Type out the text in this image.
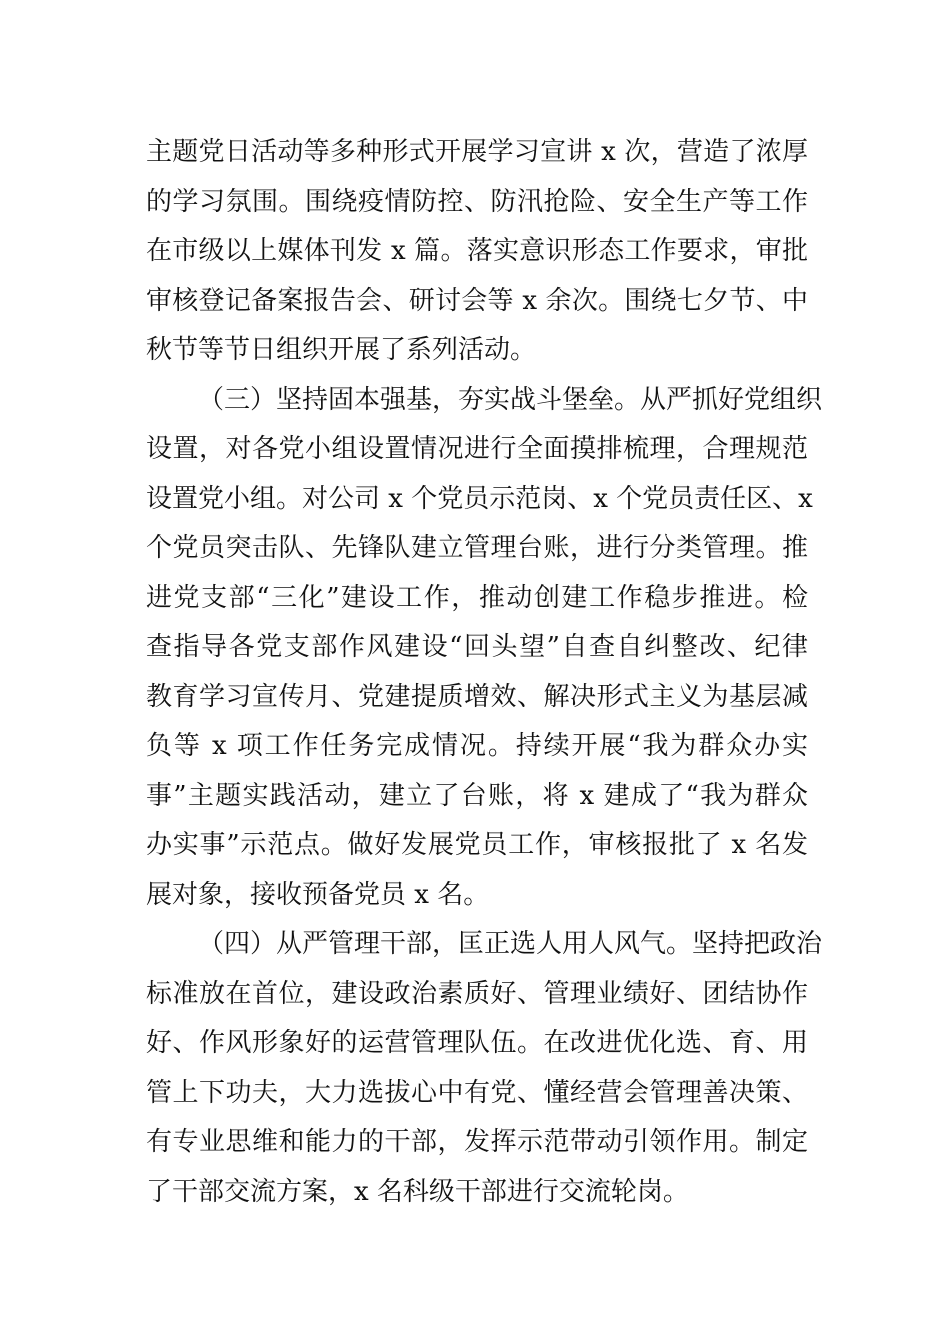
主题党日活动等多种形式开展学习宣讲 x 次，营造了浓厚
的学习氛围。围绕疫情防控、防汛抢险、安全生产等工作
在市级以上媒体刊发 x 篇。落实意识形态工作要求，审批
审核登记备案报告会、研讨会等 x 余次。围绕七夕节、中
秋节等节日组织开展了系列活动。
（三）坚持固本强基，夯实战斗堡垒。从严抓好党组织
设置，对各党小组设置情况进行全面摸排梳理，合理规范
设置党小组。对公司 x 个党员示范岗、x 个党员责任区、x
个党员突击队、先锋队建立管理台账，进行分类管理。推
进党支部“三化”建设工作，推动创建工作稳步推进。检
查指导各党支部作风建设“回头望”自查自纠整改、纪律
教育学习宣传月、党建提质增效、解决形式主义为基层减
负等 x 项工作任务完成情况。持续开展“我为群众办实
事”主题实践活动，建立了台账，将 x 建成了“我为群众
办实事”示范点。做好发展党员工作，审核报批了 x 名发
展对象，接收预备党员 x 名。
（四）从严管理干部，匡正选人用人风气。坚持把政治
标准放在首位，建设政治素质好、管理业绩好、团结协作
好、作风形象好的运营管理队伍。在改进优化选、育、用
管上下功夫，大力选拔心中有党、懂经营会管理善决策、
有专业思维和能力的干部，发挥示范带动引领作用。制定
了干部交流方案，x 名科级干部进行交流轮岗。
